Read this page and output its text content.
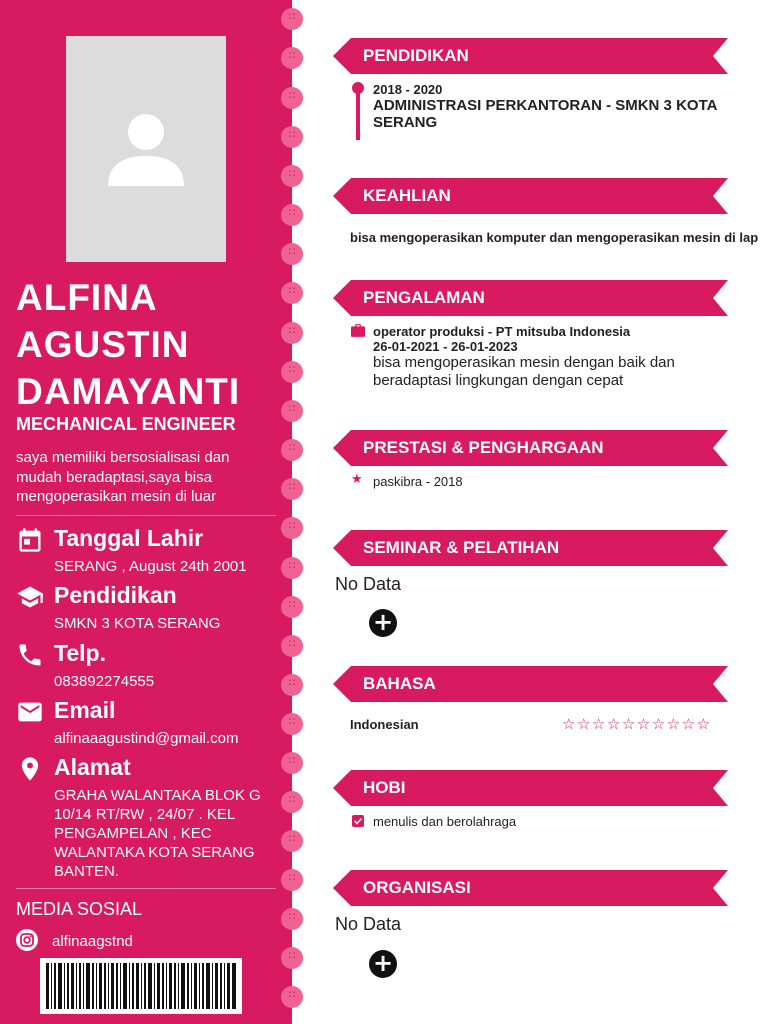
ALFINA
AGUSTIN
DAMAYANTI
MECHANICAL ENGINEER
saya memiliki bersosialisasi dan mudah beradaptasi,saya bisa mengoperasikan mesin di luar
Tanggal Lahir
SERANG , August 24th 2001
Pendidikan
SMKN 3 KOTA SERANG
Telp.
083892274555
Email
alfinaaagustind@gmail.com
Alamat
GRAHA WALANTAKA BLOK G 10/14 RT/RW , 24/07 . KEL PENGAMPELAN , KEC WALANTAKA KOTA SERANG BANTEN.
MEDIA SOSIAL
alfinaagstnd
∷
∷
∷
∷
∷
∷
∷
∷
∷
∷
∷
∷
∷
∷
∷
∷
∷
∷
∷
∷
∷
∷
∷
∷
∷
∷
PENDIDIKAN
2018 - 2020
ADMINISTRASI PERKANTORAN - SMKN 3 KOTA
SERANG
KEAHLIAN
bisa mengoperasikan komputer dan mengoperasikan mesin di lap
PENGALAMAN
operator produksi - PT mitsuba Indonesia
26-01-2021 - 26-01-2023
bisa mengoperasikan mesin dengan baik dan
beradaptasi lingkungan dengan cepat
PRESTASI & PENGHARGAAN
★ paskibra - 2018
SEMINAR & PELATIHAN
No Data
+
BAHASA
Indonesian	☆☆☆☆☆☆☆☆☆☆
HOBI
menulis dan berolahraga
ORGANISASI
No Data
+
